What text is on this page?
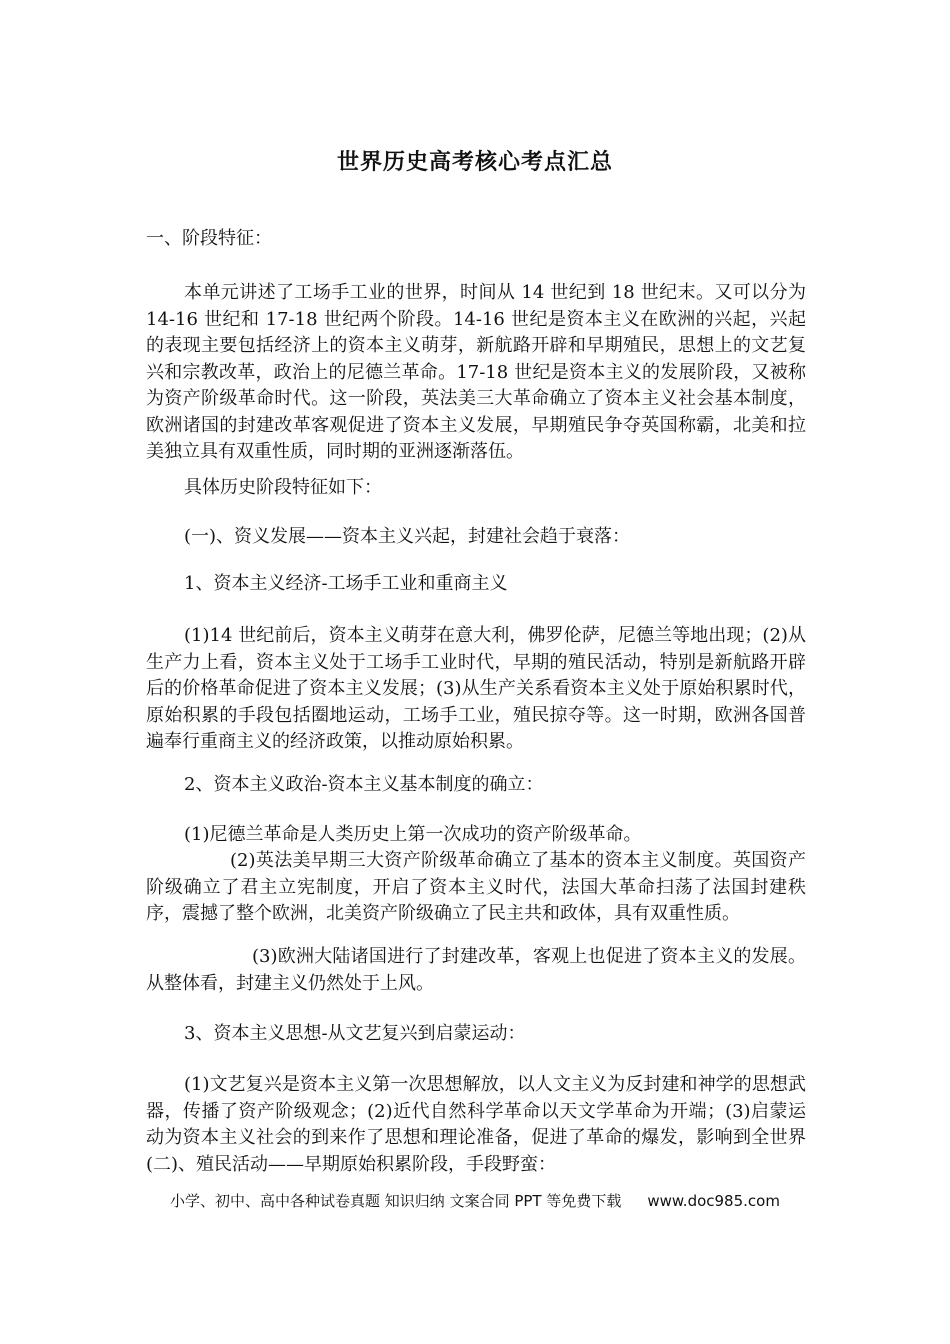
世界历史高考核心考点汇总
一、阶段特征：
本单元讲述了工场手工业的世界，时间从 14 世纪到 18 世纪末。又可以分为 14-16 世纪和 17-18 世纪两个阶段。14-16 世纪是资本主义在欧洲的兴起，兴起的表现主要包括经济上的资本主义萌芽，新航路开辟和早期殖民，思想上的文艺复兴和宗教改革，政治上的尼德兰革命。17-18 世纪是资本主义的发展阶段，又被称为资产阶级革命时代。这一阶段，英法美三大革命确立了资本主义社会基本制度，欧洲诸国的封建改革客观促进了资本主义发展，早期殖民争夺英国称霸，北美和拉美独立具有双重性质，同时期的亚洲逐渐落伍。
具体历史阶段特征如下：
(一)、资义发展——资本主义兴起，封建社会趋于衰落：
1、资本主义经济-工场手工业和重商主义
(1)14 世纪前后，资本主义萌芽在意大利，佛罗伦萨，尼德兰等地出现；(2)从生产力上看，资本主义处于工场手工业时代，早期的殖民活动，特别是新航路开辟后的价格革命促进了资本主义发展；(3)从生产关系看资本主义处于原始积累时代，原始积累的手段包括圈地运动，工场手工业，殖民掠夺等。这一时期，欧洲各国普遍奉行重商主义的经济政策，以推动原始积累。
2、资本主义政治-资本主义基本制度的确立：
(1)尼德兰革命是人类历史上第一次成功的资产阶级革命。
(2)英法美早期三大资产阶级革命确立了基本的资本主义制度。英国资产阶级确立了君主立宪制度，开启了资本主义时代，法国大革命扫荡了法国封建秩序，震撼了整个欧洲，北美资产阶级确立了民主共和政体，具有双重性质。
(3)欧洲大陆诸国进行了封建改革，客观上也促进了资本主义的发展。从整体看，封建主义仍然处于上风。
3、资本主义思想-从文艺复兴到启蒙运动：
(1)文艺复兴是资本主义第一次思想解放，以人文主义为反封建和神学的思想武器，传播了资产阶级观念；(2)近代自然科学革命以天文学革命为开端；(3)启蒙运动为资本主义社会的到来作了思想和理论准备，促进了革命的爆发，影响到全世界(二)、殖民活动——早期原始积累阶段，手段野蛮：
小学、初中、高中各种试卷真题 知识归纳 文案合同 PPT 等免费下载 www.doc985.com
